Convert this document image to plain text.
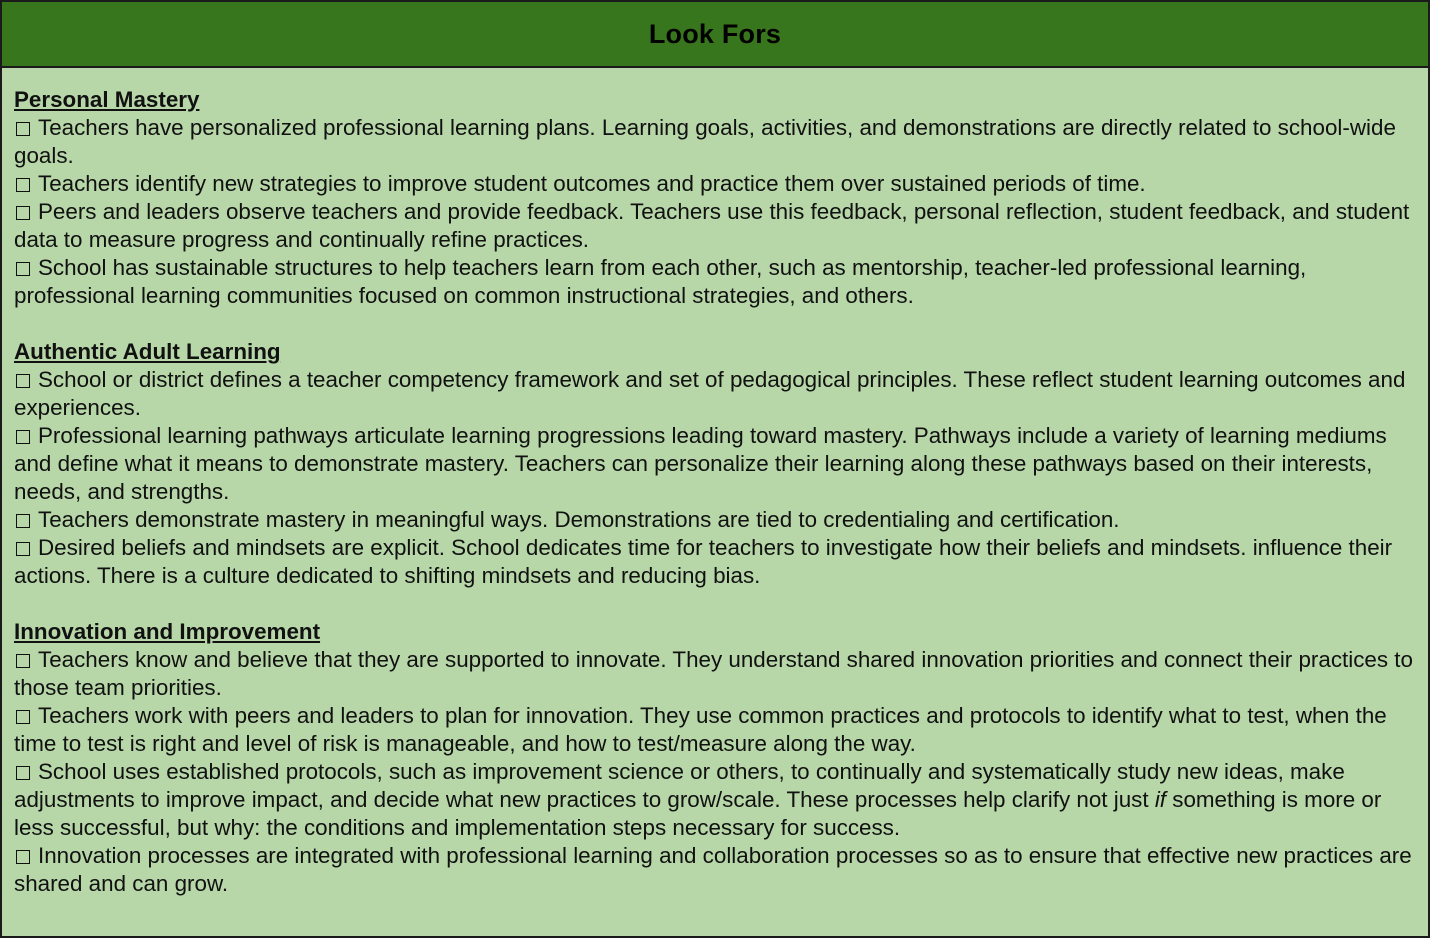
Look Fors
Personal Mastery

Teachers have personalized professional learning plans. Learning goals, activities, and demonstrations are directly related to school-wide goals.

Teachers identify new strategies to improve student outcomes and practice them over sustained periods of time.

Peers and leaders observe teachers and provide feedback. Teachers use this feedback, personal reflection, student feedback, and student data to measure progress and continually refine practices.

School has sustainable structures to help teachers learn from each other, such as mentorship, teacher-led professional learning, professional learning communities focused on common instructional strategies, and others.

Authentic Adult Learning

School or district defines a teacher competency framework and set of pedagogical principles. These reflect student learning outcomes and experiences.

Professional learning pathways articulate learning progressions leading toward mastery. Pathways include a variety of learning mediums and define what it means to demonstrate mastery. Teachers can personalize their learning along these pathways based on their interests, needs, and strengths.

Teachers demonstrate mastery in meaningful ways. Demonstrations are tied to credentialing and certification.

Desired beliefs and mindsets are explicit. School dedicates time for teachers to investigate how their beliefs and mindsets. influence their actions. There is a culture dedicated to shifting mindsets and reducing bias.

Innovation and Improvement

Teachers know and believe that they are supported to innovate. They understand shared innovation priorities and connect their practices to those team priorities.

Teachers work with peers and leaders to plan for innovation. They use common practices and protocols to identify what to test, when the time to test is right and level of risk is manageable, and how to test/measure along the way.

School uses established protocols, such as improvement science or others, to continually and systematically study new ideas, make adjustments to improve impact, and decide what new practices to grow/scale. These processes help clarify not just if something is more or less successful, but why: the conditions and implementation steps necessary for success.

Innovation processes are integrated with professional learning and collaboration processes so as to ensure that effective new practices are shared and can grow.
